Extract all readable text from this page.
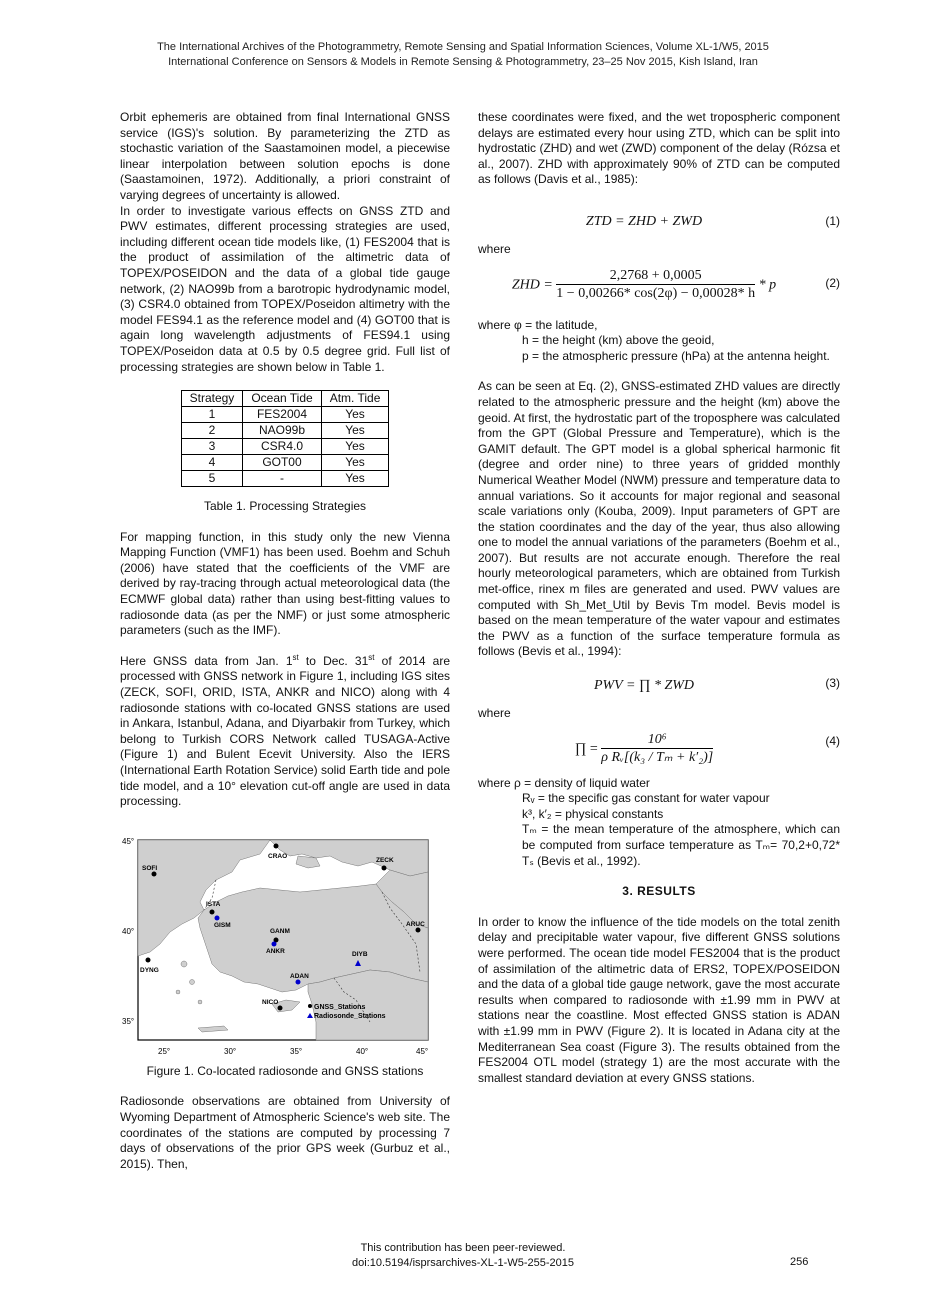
The International Archives of the Photogrammetry, Remote Sensing and Spatial Information Sciences, Volume XL-1/W5, 2015
International Conference on Sensors & Models in Remote Sensing & Photogrammetry, 23–25 Nov 2015, Kish Island, Iran

Orbit ephemeris are obtained from final International GNSS service (IGS)'s solution. By parameterizing the ZTD as stochastic variation of the Saastamoinen model, a piecewise linear interpolation between solution epochs is done (Saastamoinen, 1972). Additionally, a priori constraint of varying degrees of uncertainty is allowed.

In order to investigate various effects on GNSS ZTD and PWV estimates, different processing strategies are used, including different ocean tide models like, (1) FES2004 that is the product of assimilation of the altimetric data of TOPEX/POSEIDON and the data of a global tide gauge network, (2) NAO99b from a barotropic hydrodynamic model, (3) CSR4.0 obtained from TOPEX/Poseidon altimetry with the model FES94.1 as the reference model and (4) GOT00 that is again long wavelength adjustments of FES94.1 using TOPEX/Poseidon data at 0.5 by 0.5 degree grid. Full list of processing strategies are shown below in Table 1.

Strategy	Ocean Tide	Atm. Tide
1	FES2004	Yes
2	NAO99b	Yes
3	CSR4.0	Yes
4	GOT00	Yes
5	-	Yes
Table 1. Processing Strategies

For mapping function, in this study only the new Vienna Mapping Function (VMF1) has been used. Boehm and Schuh (2006) have stated that the coefficients of the VMF are derived by ray-tracing through actual meteorological data (the ECMWF global data) rather than using best-fitting values to radiosonde data (as per the NMF) or just some atmospheric parameters (such as the IMF).

Here GNSS data from Jan. 1st to Dec. 31st of 2014 are processed with GNSS network in Figure 1, including IGS sites (ZECK, SOFI, ORID, ISTA, ANKR and NICO) along with 4 radiosonde stations with co-located GNSS stations are used in Ankara, Istanbul, Adana, and Diyarbakir from Turkey, which belong to Turkish CORS Network called TUSAGA-Active (Figure 1) and Bulent Ecevit University. Also the IERS (International Earth Rotation Service) solid Earth tide and pole tide model, and a 10° elevation cut-off angle are used in data processing.

45°
40°
35°
25°	30°	35°	40°	45°
CRAO
ZECK
SOFI
ISTA
GISM
GANM
ANKR
ARUC
DYNG
DIYB
ADAN
NICO
GNSS_Stations
Radiosonde_Stations
Figure 1. Co-located radiosonde and GNSS stations

Radiosonde observations are obtained from University of Wyoming Department of Atmospheric Science's web site. The coordinates of the stations are computed by processing 7 days of observations of the prior GPS week (Gurbuz et al., 2015). Then,

these coordinates were fixed, and the wet tropospheric component delays are estimated every hour using ZTD, which can be split into hydrostatic (ZHD) and wet (ZWD) component of the delay (Rózsa et al., 2007). ZHD with approximately 90% of ZTD can be computed as follows (Davis et al., 1985):

ZTD = ZHD + ZWD	(1)
where
ZHD = $\frac{2,2768 + 0,0005}{1 - 0,00266* \cos(2\varphi) - 0,00028* h}$ * p	(2)
where φ = the latitude,
h = the height (km) above the geoid,

p = the atmospheric pressure (hPa) at the antenna height.

As can be seen at Eq. (2), GNSS-estimated ZHD values are directly related to the atmospheric pressure and the height (km) above the geoid. At first, the hydrostatic part of the troposphere was calculated from the GPT (Global Pressure and Temperature), which is the GAMIT default. The GPT model is a global spherical harmonic fit (degree and order nine) to three years of gridded monthly Numerical Weather Model (NWM) pressure and temperature data to annual variations. So it accounts for major regional and seasonal scale variations only (Kouba, 2009). Input parameters of GPT are the station coordinates and the day of the year, thus also allowing one to model the annual variations of the parameters (Boehm et al., 2007). But results are not accurate enough. Therefore the real hourly meteorological parameters, which are obtained from Turkish met-office, rinex m files are generated and used. PWV values are computed with Sh_Met_Util by Bevis Tm model. Bevis model is based on the mean temperature of the water vapour and estimates the PWV as a function of the surface temperature formula as follows (Bevis et al., 1994):

PWV = ∏ * ZWD	(3)
where
∏ = $\frac{\text{10⁶}}{\text{ρ Rᵥ[(k₃ / Tₘ + k′₂)]}}$	(4)
where ρ = density of liquid water
Rᵥ = the specific gas constant for water vapour
k³, k′₂ = physical constants

Tₘ = the mean temperature of the atmosphere, which can be computed from surface temperature as Tₘ= 70,2+0,72* Tₛ (Bevis et al., 1992).

3. RESULTS

In order to know the influence of the tide models on the total zenith delay and precipitable water vapour, five different GNSS solutions were performed. The ocean tide model FES2004 that is the product of assimilation of the altimetric data of ERS2, TOPEX/POSEIDON and the data of a global tide gauge network, gave the most accurate results when compared to radiosonde with ±1.99 mm in PWV at stations near the coastline. Most effected GNSS station is ADAN with ±1.99 mm in PWV (Figure 2). It is located in Adana city at the Mediterranean Sea coast (Figure 3). The results obtained from the FES2004 OTL model (strategy 1) are the most accurate with the smallest standard deviation at every GNSS stations.

This contribution has been peer-reviewed.
doi:10.5194/isprsarchives-XL-1-W5-255-2015	256
